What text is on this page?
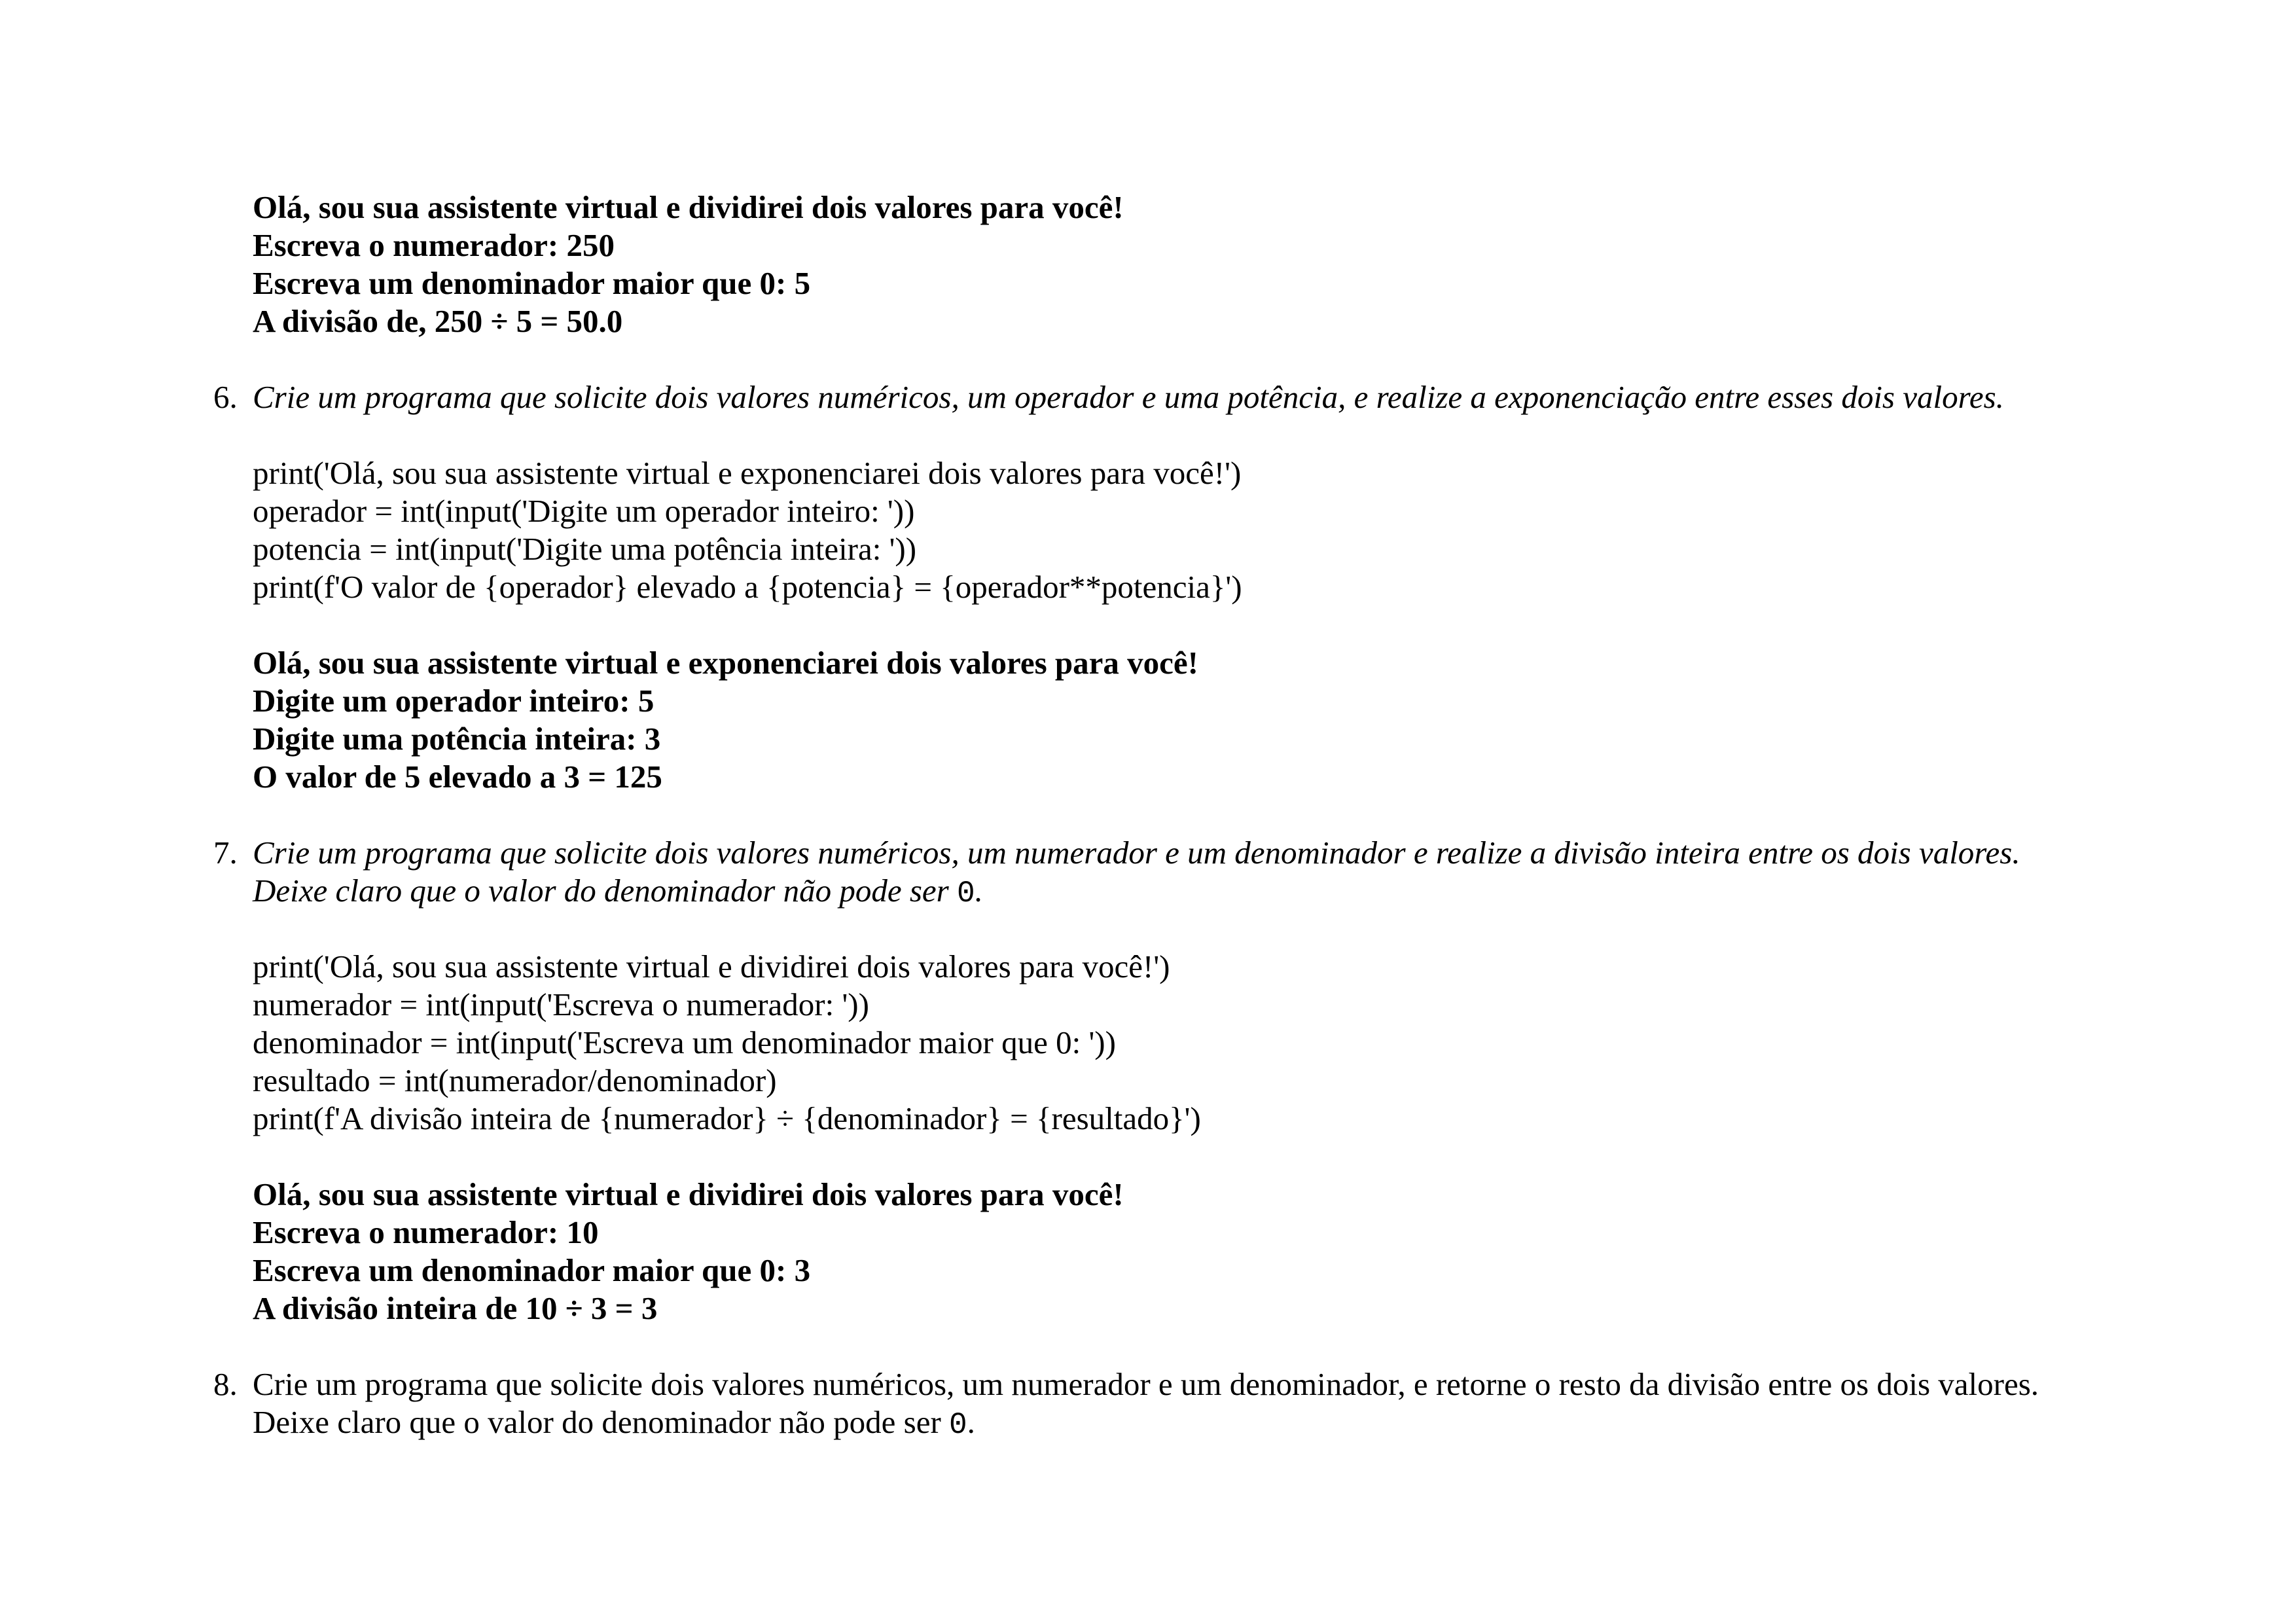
Olá, sou sua assistente virtual e dividirei dois valores para você!
Escreva o numerador: 250
Escreva um denominador maior que 0: 5
A divisão de, 250 ÷ 5 = 50.0
6. Crie um programa que solicite dois valores numéricos, um operador e uma potência, e realize a exponenciação entre esses dois valores.
print('Olá, sou sua assistente virtual e exponenciarei dois valores para você!')
operador = int(input('Digite um operador inteiro: '))
potencia = int(input('Digite uma potência inteira: '))
print(f'O valor de {operador} elevado a {potencia} = {operador**potencia}')
Olá, sou sua assistente virtual e exponenciarei dois valores para você!
Digite um operador inteiro: 5
Digite uma potência inteira: 3
O valor de 5 elevado a 3 = 125
7. Crie um programa que solicite dois valores numéricos, um numerador e um denominador e realize a divisão inteira entre os dois valores.
Deixe claro que o valor do denominador não pode ser 0.
print('Olá, sou sua assistente virtual e dividirei dois valores para você!')
numerador = int(input('Escreva o numerador: '))
denominador = int(input('Escreva um denominador maior que 0: '))
resultado = int(numerador/denominador)
print(f'A divisão inteira de {numerador} ÷ {denominador} = {resultado}')
Olá, sou sua assistente virtual e dividirei dois valores para você!
Escreva o numerador: 10
Escreva um denominador maior que 0: 3
A divisão inteira de 10 ÷ 3 = 3
8. Crie um programa que solicite dois valores numéricos, um numerador e um denominador, e retorne o resto da divisão entre os dois valores.
Deixe claro que o valor do denominador não pode ser 0.
